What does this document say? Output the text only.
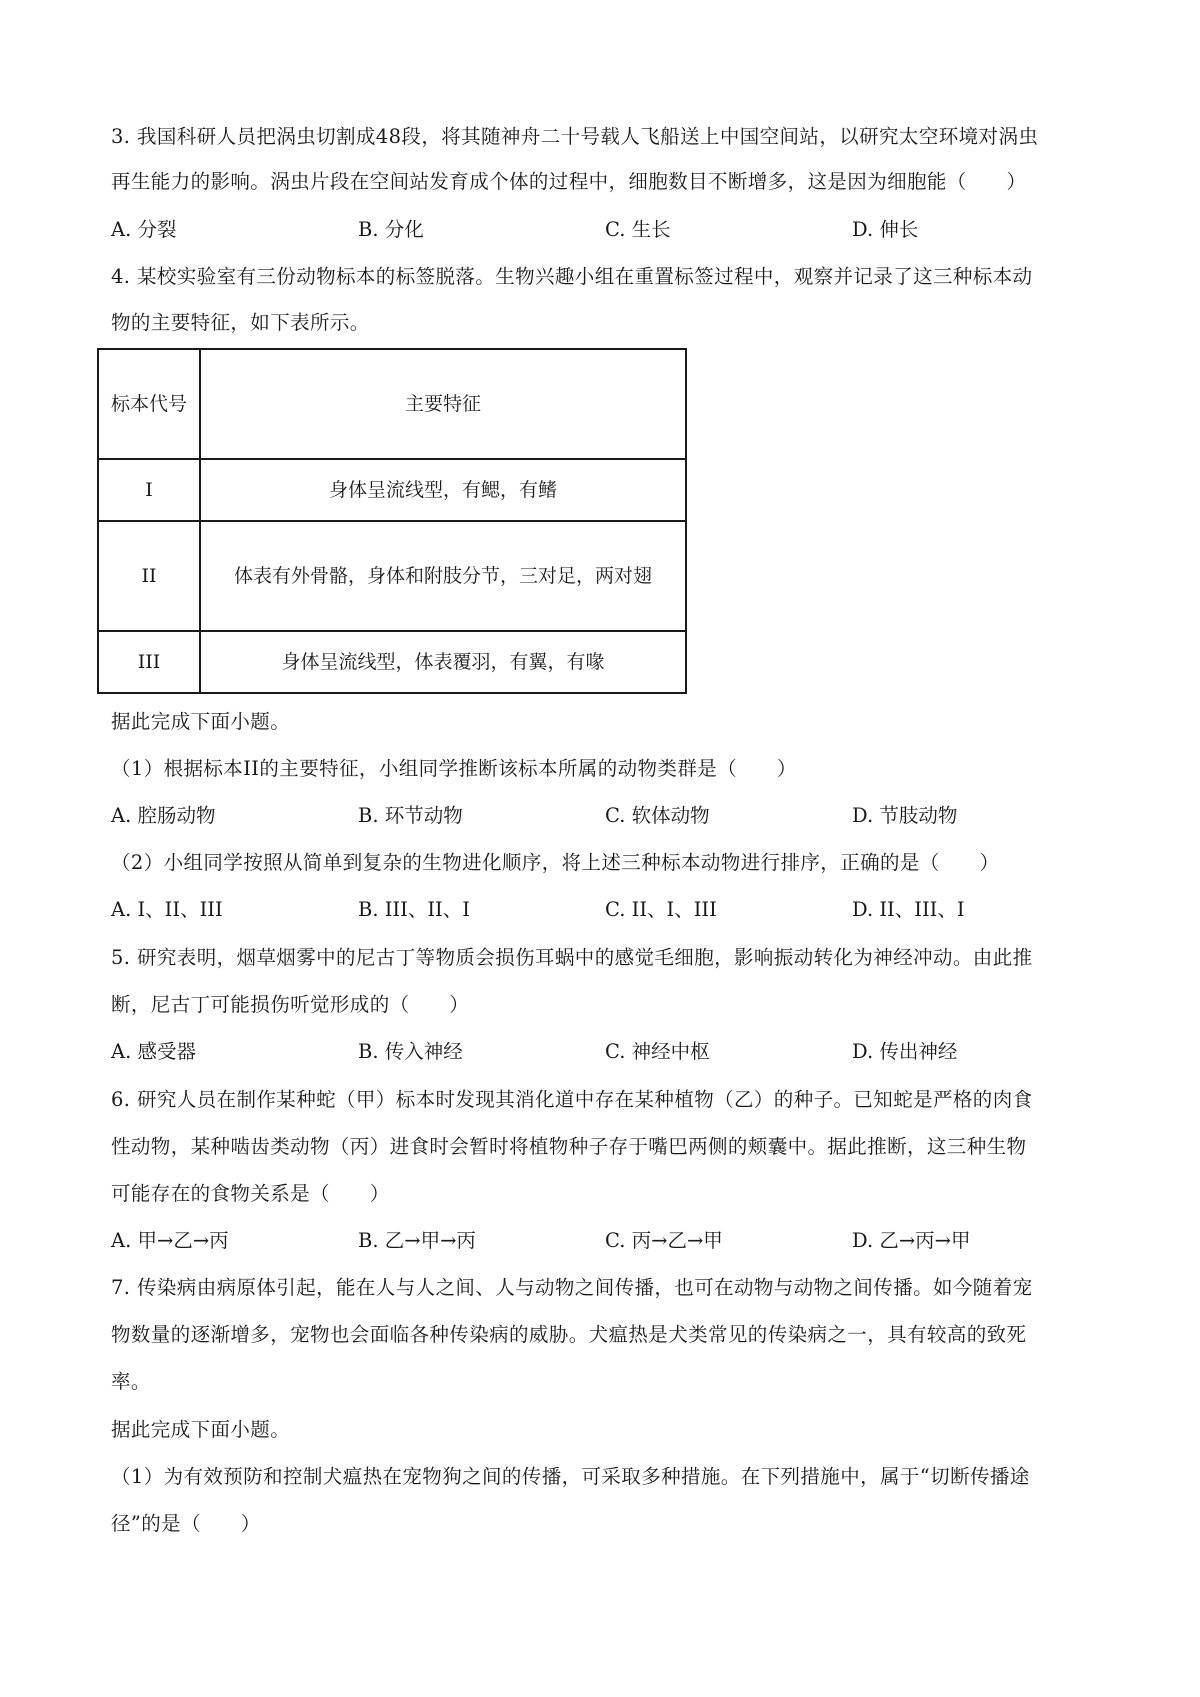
3. 我国科研人员把涡虫切割成48段，将其随神舟二十号载人飞船送上中国空间站，以研究太空环境对涡虫
再生能力的影响。涡虫片段在空间站发育成个体的过程中，细胞数目不断增多，这是因为细胞能（　　）
A. 分裂	B. 分化	C. 生长	D. 伸长
4. 某校实验室有三份动物标本的标签脱落。生物兴趣小组在重置标签过程中，观察并记录了这三种标本动
物的主要特征，如下表所示。
标本代号	主要特征
I	身体呈流线型，有鳃，有鳍
II	体表有外骨骼，身体和附肢分节，三对足，两对翅
III	身体呈流线型，体表覆羽，有翼，有喙
据此完成下面小题。
（1）根据标本II的主要特征，小组同学推断该标本所属的动物类群是（　　）
A. 腔肠动物	B. 环节动物	C. 软体动物	D. 节肢动物
（2）小组同学按照从简单到复杂的生物进化顺序，将上述三种标本动物进行排序，正确的是（　　）
A. I、II、III	B. III、II、I	C. II、I、III	D. II、III、I
5. 研究表明，烟草烟雾中的尼古丁等物质会损伤耳蜗中的感觉毛细胞，影响振动转化为神经冲动。由此推
断，尼古丁可能损伤听觉形成的（　　）
A. 感受器	B. 传入神经	C. 神经中枢	D. 传出神经
6. 研究人员在制作某种蛇（甲）标本时发现其消化道中存在某种植物（乙）的种子。已知蛇是严格的肉食
性动物，某种啮齿类动物（丙）进食时会暂时将植物种子存于嘴巴两侧的颊囊中。据此推断，这三种生物
可能存在的食物关系是（　　）
A. 甲→乙→丙	B. 乙→甲→丙	C. 丙→乙→甲	D. 乙→丙→甲
7. 传染病由病原体引起，能在人与人之间、人与动物之间传播，也可在动物与动物之间传播。如今随着宠
物数量的逐渐增多，宠物也会面临各种传染病的威胁。犬瘟热是犬类常见的传染病之一，具有较高的致死
率。
据此完成下面小题。
（1）为有效预防和控制犬瘟热在宠物狗之间的传播，可采取多种措施。在下列措施中，属于“切断传播途
径”的是（　　）
